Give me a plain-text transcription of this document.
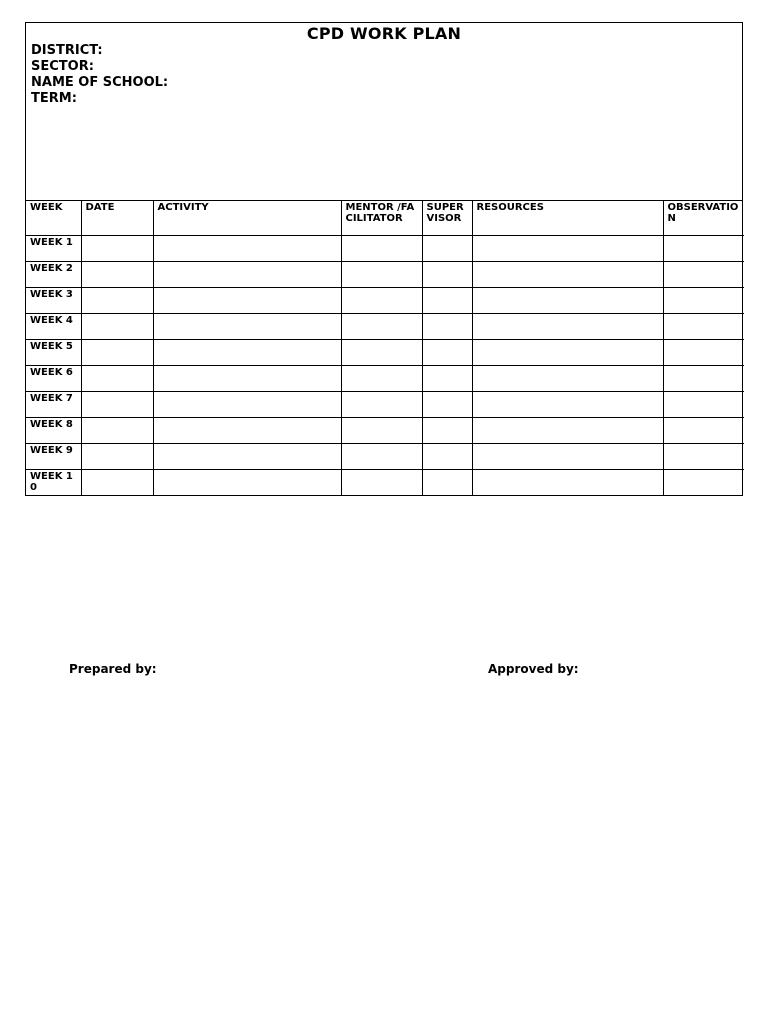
CPD WORK PLAN
DISTRICT:
SECTOR:
NAME OF SCHOOL:
TERM:
WEEK	DATE	ACTIVITY	MENTOR /FACILITATOR	SUPER VISOR	RESOURCES	OBSERVATION
WEEK 1						
WEEK 2						
WEEK 3						
WEEK 4						
WEEK 5						
WEEK 6						
WEEK 7						
WEEK 8						
WEEK 9						
WEEK 10						
Prepared by:	Approved by:
